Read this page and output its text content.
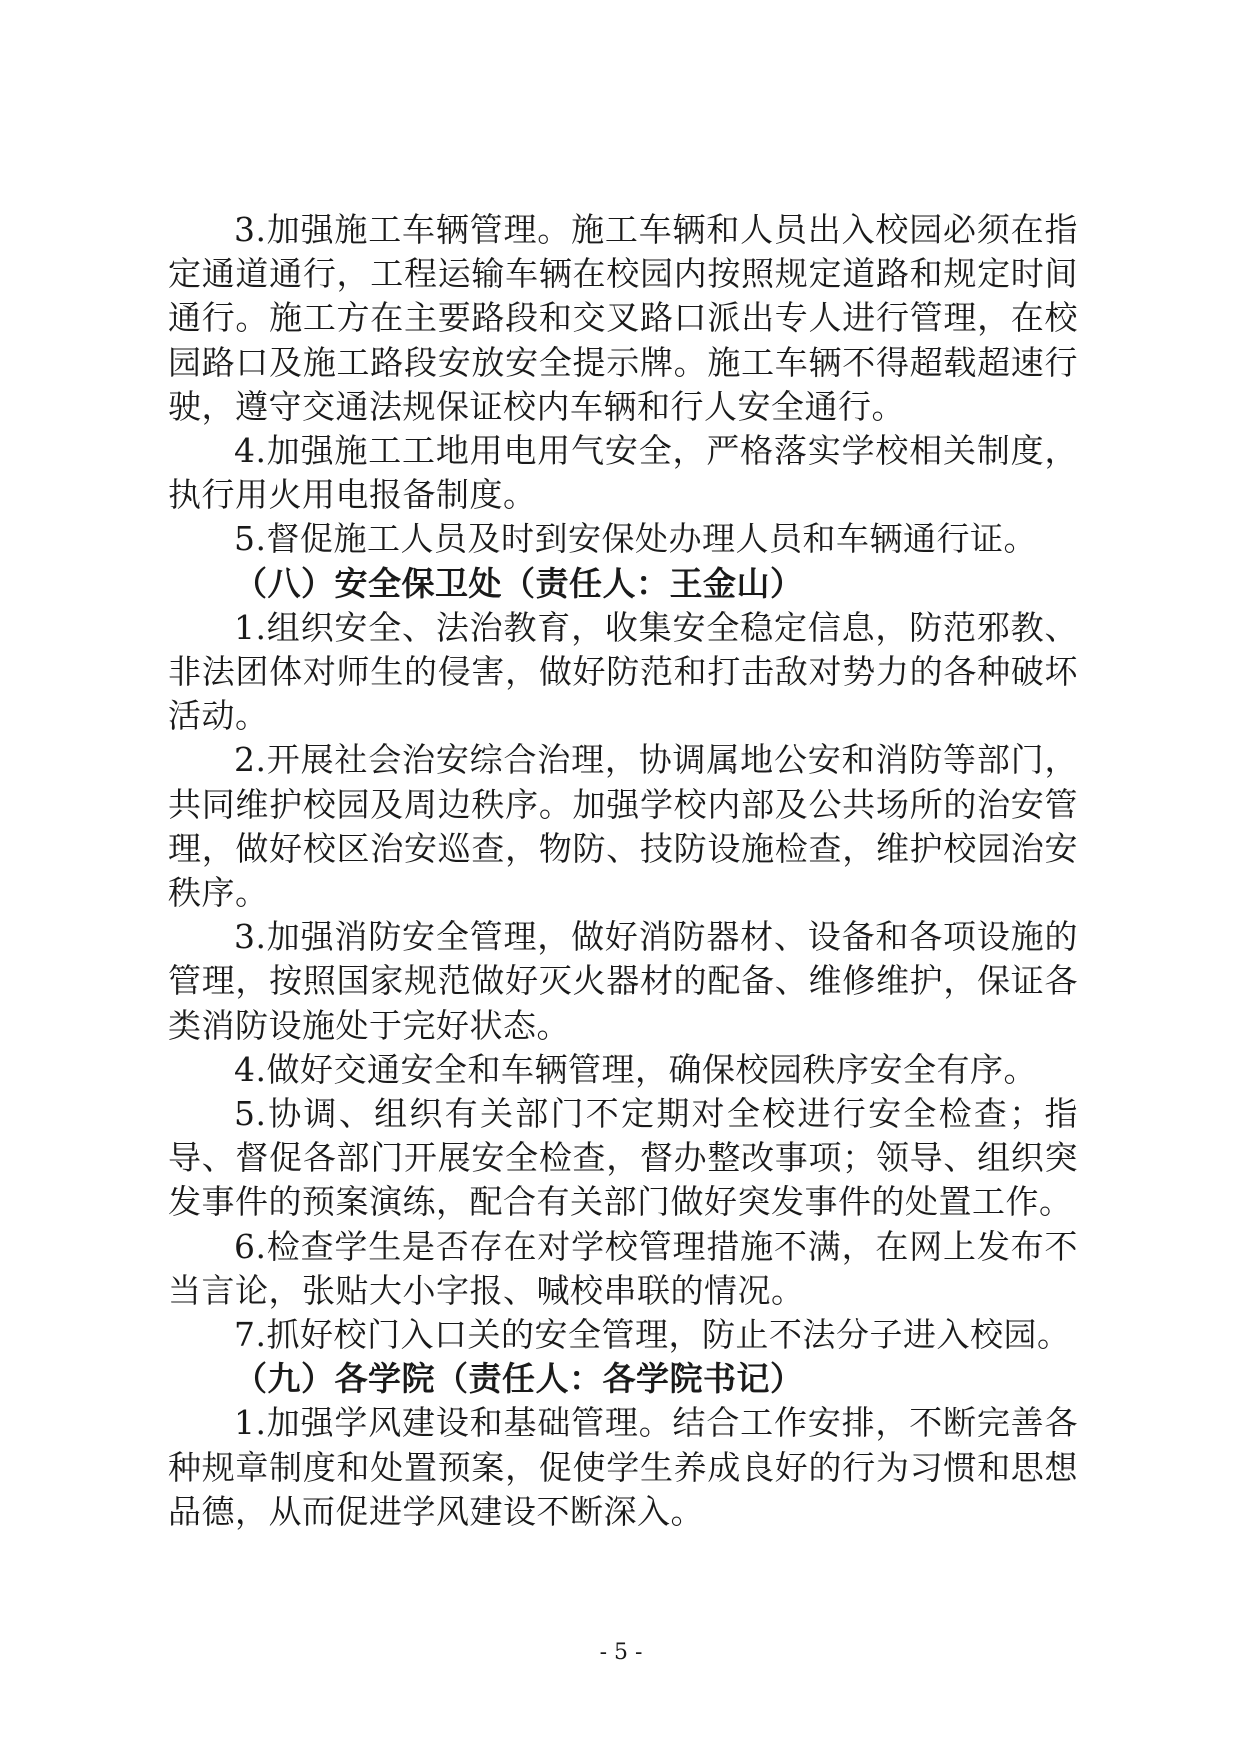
3.加强施工车辆管理。施工车辆和人员出入校园必须在指定通道通行，工程运输车辆在校园内按照规定道路和规定时间通行。施工方在主要路段和交叉路口派出专人进行管理，在校园路口及施工路段安放安全提示牌。施工车辆不得超载超速行驶，遵守交通法规保证校内车辆和行人安全通行。

4.加强施工工地用电用气安全，严格落实学校相关制度，执行用火用电报备制度。

5.督促施工人员及时到安保处办理人员和车辆通行证。

（八）安全保卫处（责任人：王金山）

1.组织安全、法治教育，收集安全稳定信息，防范邪教、非法团体对师生的侵害，做好防范和打击敌对势力的各种破坏活动。

2.开展社会治安综合治理，协调属地公安和消防等部门，共同维护校园及周边秩序。加强学校内部及公共场所的治安管理，做好校区治安巡查，物防、技防设施检查，维护校园治安秩序。

3.加强消防安全管理，做好消防器材、设备和各项设施的管理，按照国家规范做好灭火器材的配备、维修维护，保证各类消防设施处于完好状态。

4.做好交通安全和车辆管理，确保校园秩序安全有序。

5.协调、组织有关部门不定期对全校进行安全检查；指导、督促各部门开展安全检查，督办整改事项；领导、组织突发事件的预案演练，配合有关部门做好突发事件的处置工作。

6.检查学生是否存在对学校管理措施不满，在网上发布不当言论，张贴大小字报、喊校串联的情况。

7.抓好校门入口关的安全管理，防止不法分子进入校园。

（九）各学院（责任人：各学院书记）

1.加强学风建设和基础管理。结合工作安排，不断完善各种规章制度和处置预案，促使学生养成良好的行为习惯和思想品德，从而促进学风建设不断深入。

- 5 -
